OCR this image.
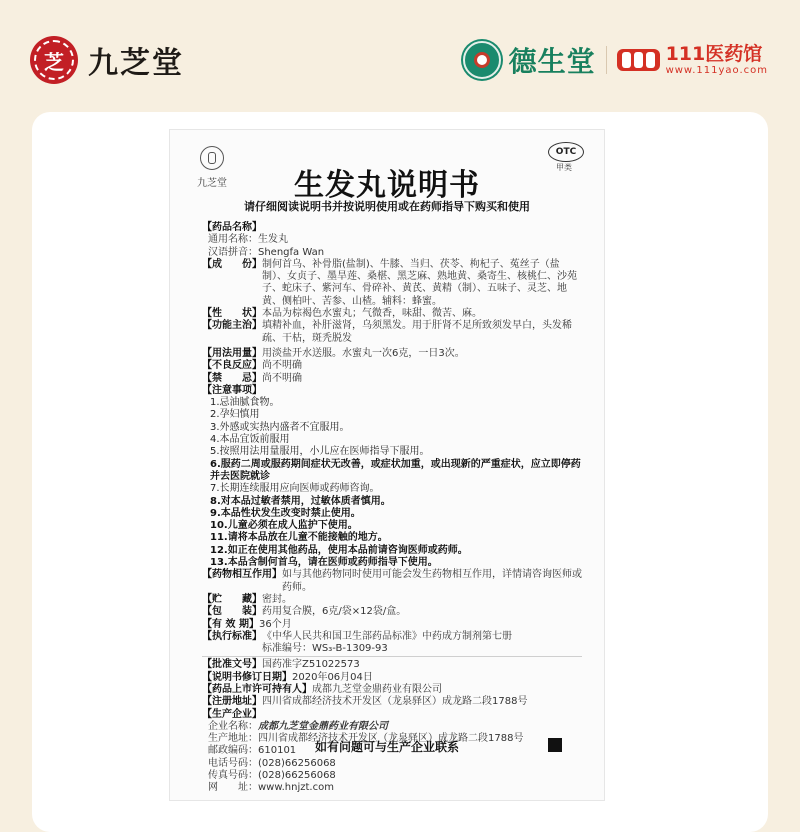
芝 九芝堂	德生堂	111医药馆
www.111yao.com
九芝堂
OTC
甲类
生发丸说明书
请仔细阅读说明书并按说明使用或在药师指导下购买和使用
【药品名称】
通用名称： 生发丸
汉语拼音： Shengfa Wan
【成　　份】 制何首乌、补骨脂(盐制)、牛膝、当归、茯苓、枸杞子、菟丝子（盐制）、女贞子、墨旱莲、桑椹、黑芝麻、熟地黄、桑寄生、核桃仁、沙苑子、蛇床子、紫河车、骨碎补、黄芪、黄精（制）、五味子、灵芝、地黄、侧柏叶、苦参、山楂。辅料：蜂蜜。
【性　　状】 本品为棕褐色水蜜丸；气微香，味甜、微苦、麻。
【功能主治】 填精补血，补肝滋肾，乌须黑发。用于肝肾不足所致须发早白，头发稀疏、干枯，斑秃脱发
【用法用量】 用淡盐开水送服。水蜜丸一次6克，一日3次。
【不良反应】 尚不明确
【禁　　忌】 尚不明确
【注意事项】
1.忌油腻食物。
2.孕妇慎用
3.外感或实热内盛者不宜服用。
4.本品宜饭前服用
5.按照用法用量服用，小儿应在医师指导下服用。
6.服药二周或服药期间症状无改善，或症状加重，或出现新的严重症状，应立即停药并去医院就诊
7.长期连续服用应向医师或药师咨询。
8.对本品过敏者禁用，过敏体质者慎用。
9.本品性状发生改变时禁止使用。
10.儿童必须在成人监护下使用。
11.请将本品放在儿童不能接触的地方。
12.如正在使用其他药品，使用本品前请咨询医师或药师。
13.本品含制何首乌，请在医师或药师指导下使用。
【药物相互作用】 如与其他药物同时使用可能会发生药物相互作用，详情请咨询医师或药师。
【贮　　藏】 密封。
【包　　装】 药用复合膜，6克/袋×12袋/盒。
【有 效 期】 36个月
【执行标准】 《中华人民共和国卫生部药品标准》中药成方制剂第七册
标准编号：WS₃-B-1309-93
【批准文号】 国药准字Z51022573
【说明书修订日期】 2020年06月04日
【药品上市许可持有人】 成都九芝堂金鼎药业有限公司
【注册地址】 四川省成都经济技术开发区（龙泉驿区）成龙路二段1788号
【生产企业】
企业名称： 成都九芝堂金鼎药业有限公司
生产地址： 四川省成都经济技术开发区（龙泉驿区）成龙路二段1788号
邮政编码： 610101
电话号码： (028)66256068
传真号码： (028)66256068
网　　址： www.hnjzt.com
如有问题可与生产企业联系
